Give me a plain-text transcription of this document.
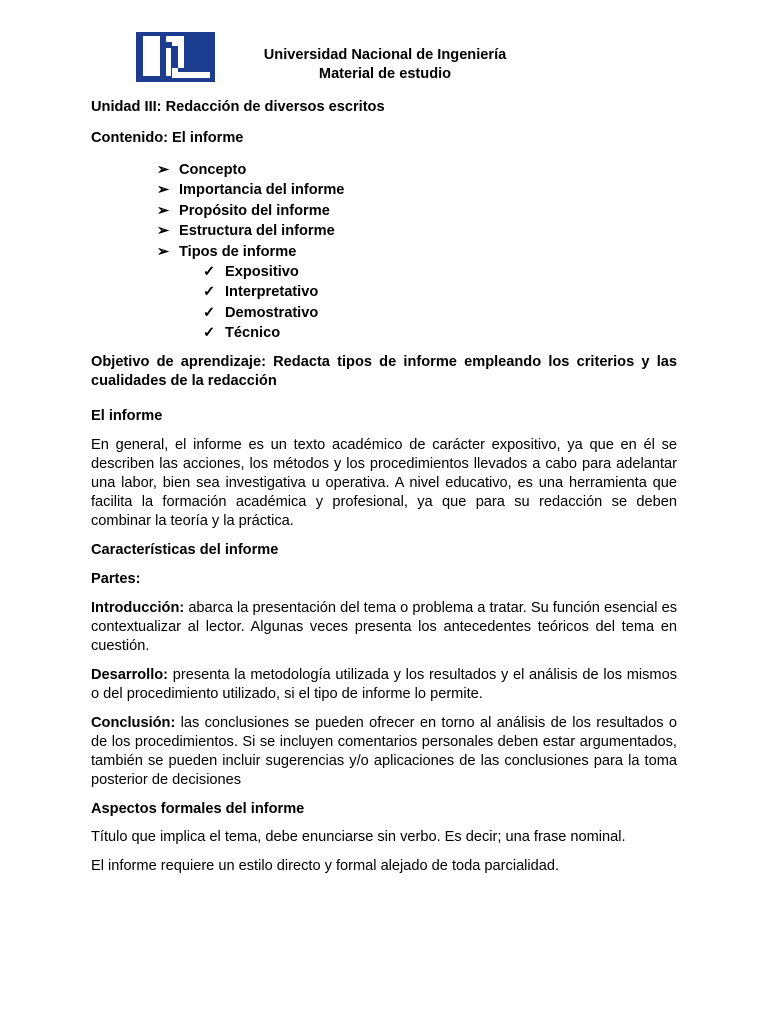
Universidad Nacional de Ingeniería
Material de estudio

Unidad III: Redacción de diversos escritos

Contenido: El informe

➢ Concepto
➢ Importancia del informe
➢ Propósito del informe
➢ Estructura del informe
➢ Tipos de informe
✓ Expositivo
✓ Interpretativo
✓ Demostrativo
✓ Técnico

Objetivo de aprendizaje: Redacta tipos de informe empleando los criterios y las cualidades de la redacción

El informe

En general, el informe es un texto académico de carácter expositivo, ya que en él se describen las acciones, los métodos y los procedimientos llevados a cabo para adelantar una labor, bien sea investigativa u operativa. A nivel educativo, es una herramienta que facilita la formación académica y profesional, ya que para su redacción se deben combinar la teoría y la práctica.

Características del informe

Partes:

Introducción: abarca la presentación del tema o problema a tratar. Su función esencial es contextualizar al lector. Algunas veces presenta los antecedentes teóricos del tema en cuestión.

Desarrollo: presenta la metodología utilizada y los resultados y el análisis de los mismos o del procedimiento utilizado, si el tipo de informe lo permite.

Conclusión: las conclusiones se pueden ofrecer en torno al análisis de los resultados o de los procedimientos. Si se incluyen comentarios personales deben estar argumentados, también se pueden incluir sugerencias y/o aplicaciones de las conclusiones para la toma posterior de decisiones

Aspectos formales del informe

Título que implica el tema, debe enunciarse sin verbo. Es decir; una frase nominal.

El informe requiere un estilo directo y formal alejado de toda parcialidad.
